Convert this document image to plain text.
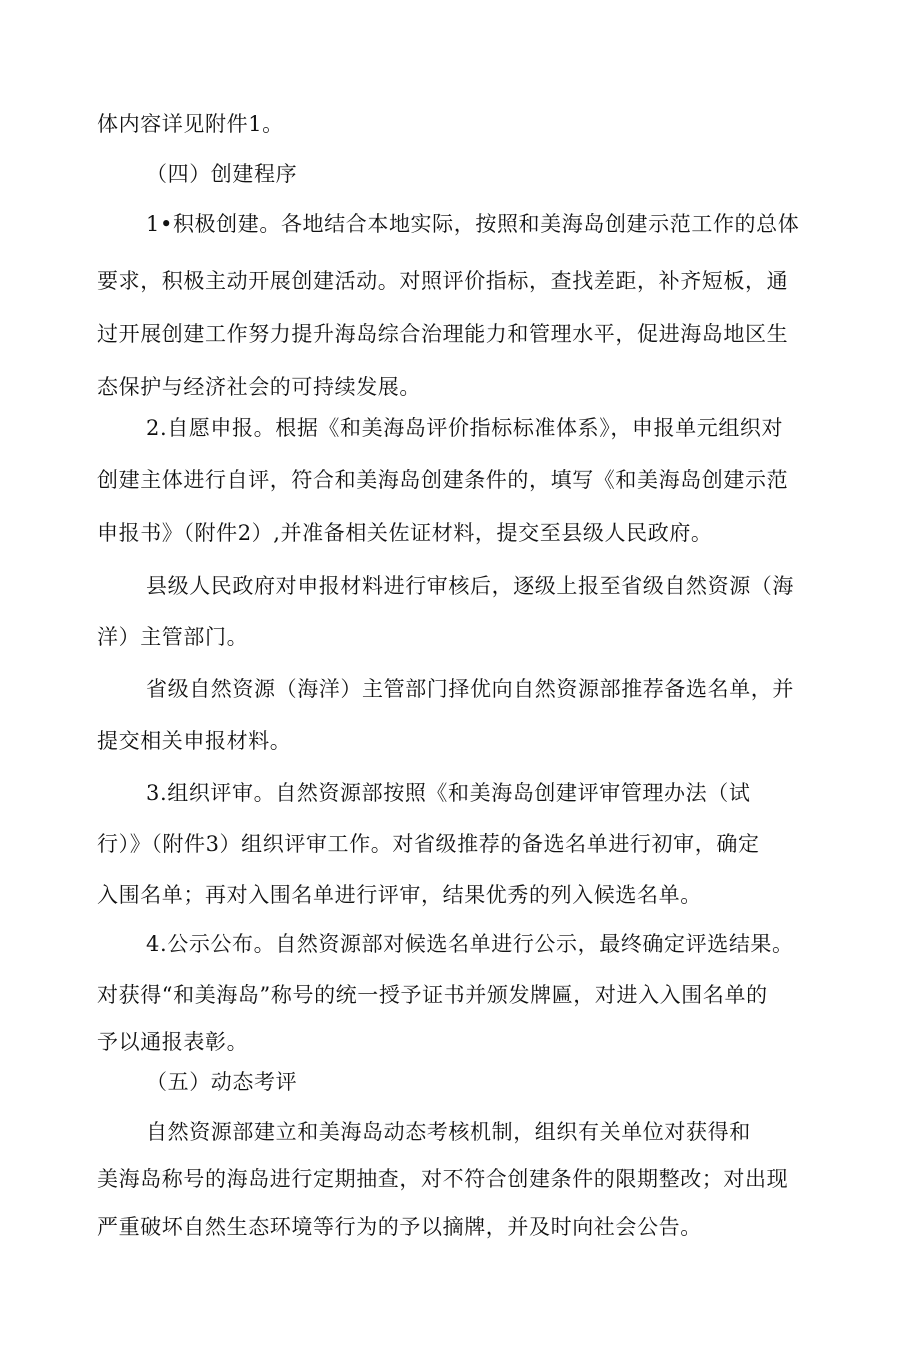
体内容详见附件1。
（四）创建程序
1•积极创建。各地结合本地实际，按照和美海岛创建示范工作的总体
要求，积极主动开展创建活动。对照评价指标，查找差距，补齐短板，通
过开展创建工作努力提升海岛综合治理能力和管理水平，促进海岛地区生
态保护与经济社会的可持续发展。
2.自愿申报。根据《和美海岛评价指标标准体系》，申报单元组织对
创建主体进行自评，符合和美海岛创建条件的，填写《和美海岛创建示范
申报书》（附件2）,并准备相关佐证材料，提交至县级人民政府。
县级人民政府对申报材料进行审核后，逐级上报至省级自然资源（海
洋）主管部门。
省级自然资源（海洋）主管部门择优向自然资源部推荐备选名单，并
提交相关申报材料。
3.组织评审。自然资源部按照《和美海岛创建评审管理办法（试
行）》（附件3）组织评审工作。对省级推荐的备选名单进行初审，确定
入围名单；再对入围名单进行评审，结果优秀的列入候选名单。
4.公示公布。自然资源部对候选名单进行公示，最终确定评选结果。
对获得“和美海岛”称号的统一授予证书并颁发牌匾，对进入入围名单的
予以通报表彰。
（五）动态考评
自然资源部建立和美海岛动态考核机制，组织有关单位对获得和
美海岛称号的海岛进行定期抽查，对不符合创建条件的限期整改；对出现
严重破坏自然生态环境等行为的予以摘牌，并及时向社会公告。
